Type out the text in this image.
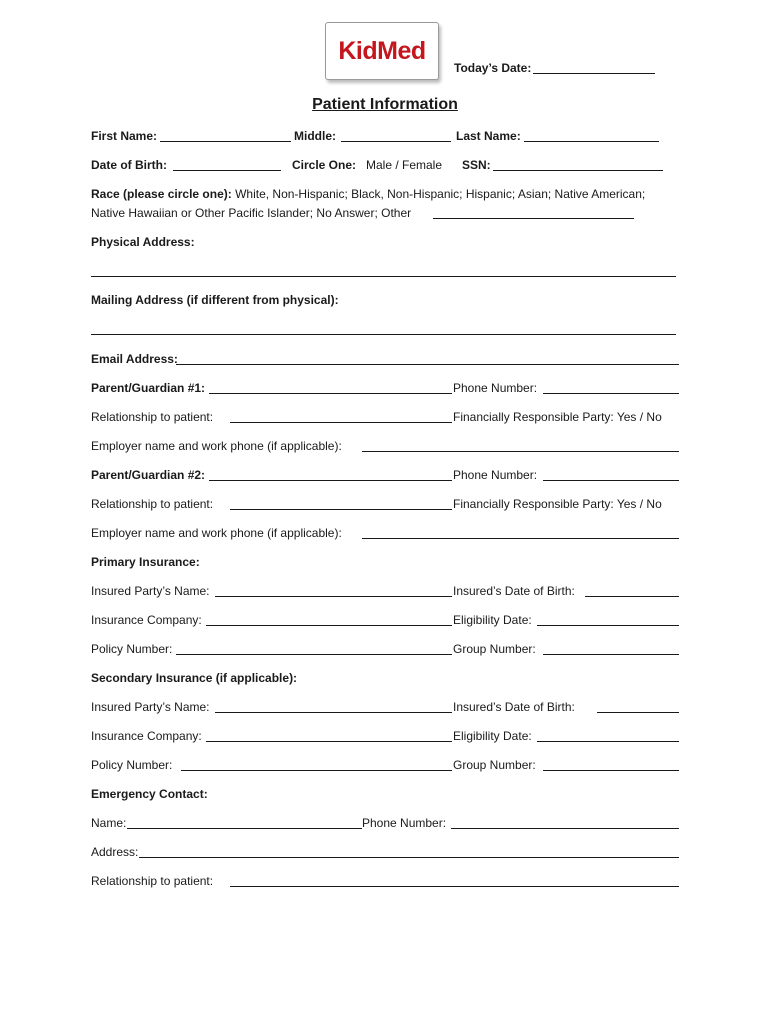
KidMed
Today’s Date:
Patient Information
First Name:	Middle:	Last Name:
Date of Birth:	Circle One: Male / Female SSN:
Race (please circle one): White, Non-Hispanic; Black, Non-Hispanic; Hispanic; Asian; Native American;
Native Hawaiian or Other Pacific Islander; No Answer; Other
Physical Address:
Mailing Address (if different from physical):
Email Address:
Parent/Guardian #1:	Phone Number:
Relationship to patient:	Financially Responsible Party: Yes / No
Employer name and work phone (if applicable):
Parent/Guardian #2:	Phone Number:
Relationship to patient:	Financially Responsible Party: Yes / No
Employer name and work phone (if applicable):
Primary Insurance:
Insured Party’s Name:	Insured’s Date of Birth:
Insurance Company:	Eligibility Date:
Policy Number:	Group Number:
Secondary Insurance (if applicable):
Insured Party’s Name:	Insured’s Date of Birth:
Insurance Company:	Eligibility Date:
Policy Number:	Group Number:
Emergency Contact:
Name:	Phone Number:
Address:
Relationship to patient:
